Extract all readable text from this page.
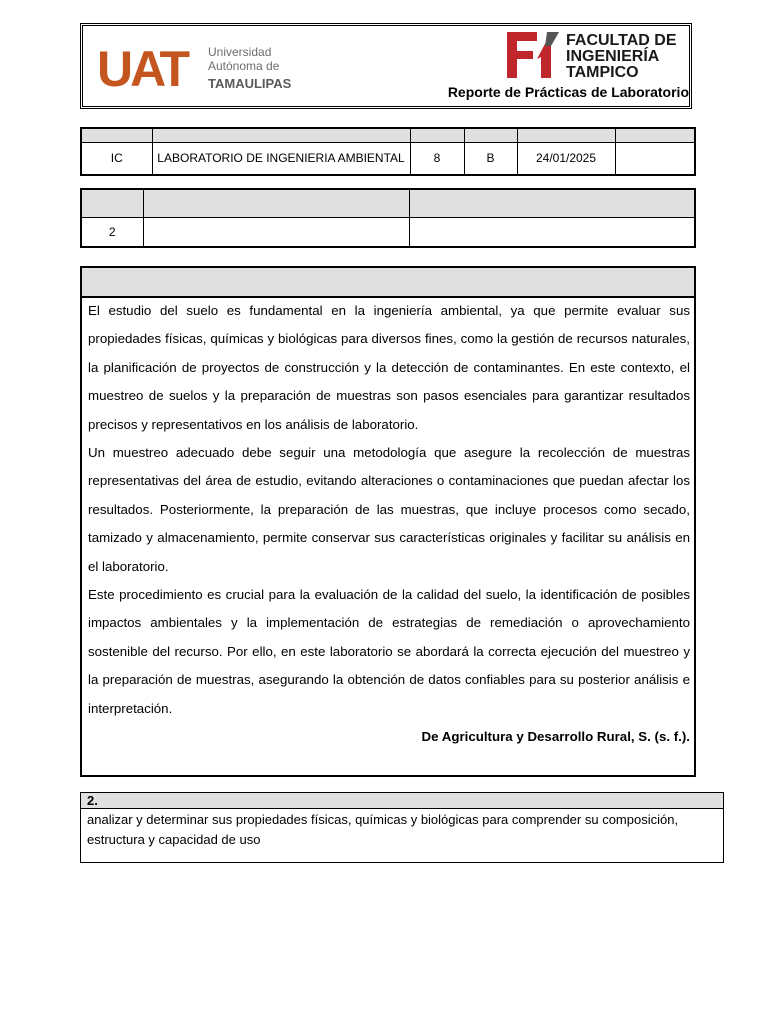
UAT Universidad
Autónoma de
TAMAULIPAS
FACULTAD DE
INGENIERÍA
TAMPICO
Reporte de Prácticas de Laboratorio

IC	LABORATORIO DE INGENIERIA AMBIENTAL	8	B	24/01/2025	

2		

El estudio del suelo es fundamental en la ingeniería ambiental, ya que permite evaluar sus propiedades físicas, químicas y biológicas para diversos fines, como la gestión de recursos naturales, la planificación de proyectos de construcción y la detección de contaminantes. En este contexto, el muestreo de suelos y la preparación de muestras son pasos esenciales para garantizar resultados precisos y representativos en los análisis de laboratorio.

Un muestreo adecuado debe seguir una metodología que asegure la recolección de muestras representativas del área de estudio, evitando alteraciones o contaminaciones que puedan afectar los resultados. Posteriormente, la preparación de las muestras, que incluye procesos como secado, tamizado y almacenamiento, permite conservar sus características originales y facilitar su análisis en el laboratorio.

Este procedimiento es crucial para la evaluación de la calidad del suelo, la identificación de posibles impactos ambientales y la implementación de estrategias de remediación o aprovechamiento sostenible del recurso. Por ello, en este laboratorio se abordará la correcta ejecución del muestreo y la preparación de muestras, asegurando la obtención de datos confiables para su posterior análisis e interpretación.

De Agricultura y Desarrollo Rural, S. (s. f.).

2.
analizar y determinar sus propiedades físicas, químicas y biológicas para comprender su composición, estructura y capacidad de uso
